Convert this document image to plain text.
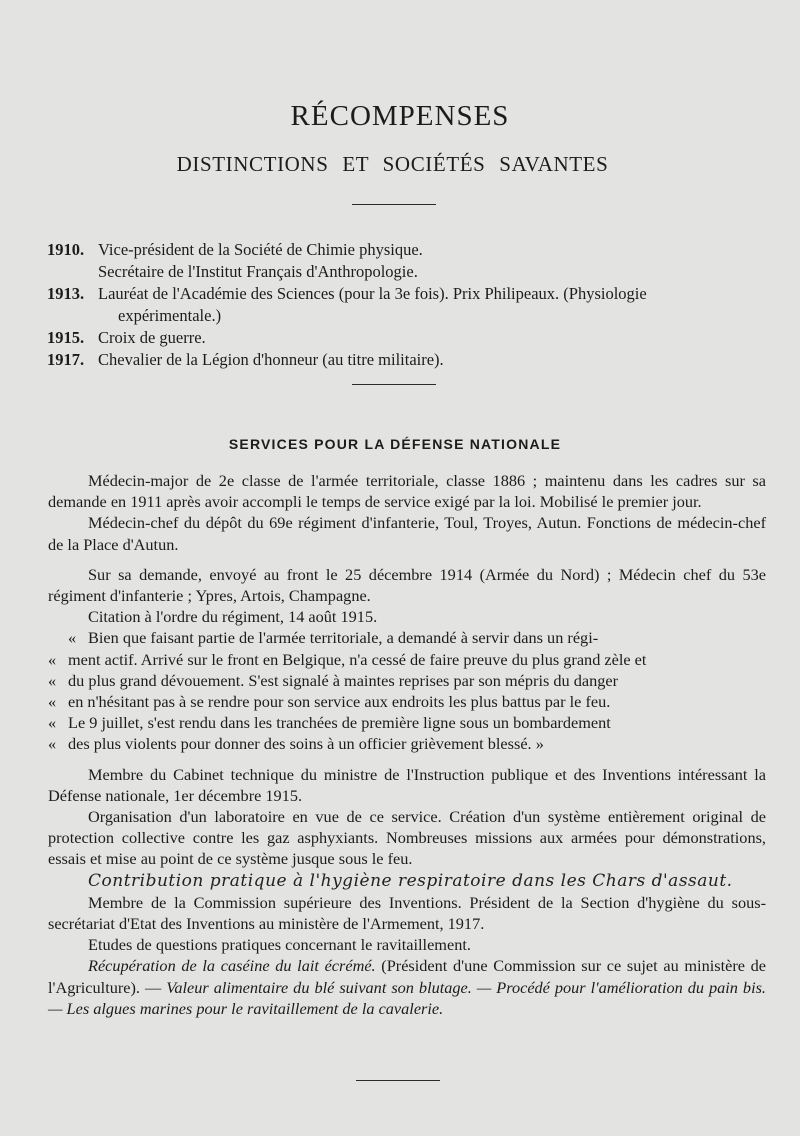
RÉCOMPENSES
DISTINCTIONS ET SOCIÉTÉS SAVANTES
1910. Vice-président de la Société de Chimie physique.
Secrétaire de l'Institut Français d'Anthropologie.
1913. Lauréat de l'Académie des Sciences (pour la 3e fois). Prix Philipeaux. (Physiologie
expérimentale.)
1915. Croix de guerre.
1917. Chevalier de la Légion d'honneur (au titre militaire).
SERVICES POUR LA DÉFENSE NATIONALE

Médecin-major de 2e classe de l'armée territoriale, classe 1886 ; maintenu dans les cadres sur sa demande en 1911 après avoir accompli le temps de service exigé par la loi. Mobilisé le premier jour.

Médecin-chef du dépôt du 69e régiment d'infanterie, Toul, Troyes, Autun. Fonctions de médecin-chef de la Place d'Autun.

Sur sa demande, envoyé au front le 25 décembre 1914 (Armée du Nord) ; Médecin chef du 53e régiment d'infanterie ; Ypres, Artois, Champagne.

Citation à l'ordre du régiment, 14 août 1915.

« Bien que faisant partie de l'armée territoriale, a demandé à servir dans un régi-
« ment actif. Arrivé sur le front en Belgique, n'a cessé de faire preuve du plus grand zèle et
« du plus grand dévouement. S'est signalé à maintes reprises par son mépris du danger
« en n'hésitant pas à se rendre pour son service aux endroits les plus battus par le feu.
« Le 9 juillet, s'est rendu dans les tranchées de première ligne sous un bombardement
« des plus violents pour donner des soins à un officier grièvement blessé. »

Membre du Cabinet technique du ministre de l'Instruction publique et des Inventions intéressant la Défense nationale, 1er décembre 1915.

Organisation d'un laboratoire en vue de ce service. Création d'un système entièrement original de protection collective contre les gaz asphyxiants. Nombreuses missions aux armées pour démonstrations, essais et mise au point de ce système jusque sous le feu.

Contribution pratique à l'hygiène respiratoire dans les Chars d'assaut.

Membre de la Commission supérieure des Inventions. Président de la Section d'hygiène du sous-secrétariat d'Etat des Inventions au ministère de l'Armement, 1917.

Etudes de questions pratiques concernant le ravitaillement.

Récupération de la caséine du lait écrémé. (Président d'une Commission sur ce sujet au ministère de l'Agriculture). — Valeur alimentaire du blé suivant son blutage. — Procédé pour l'amélioration du pain bis. — Les algues marines pour le ravitaillement de la cavalerie.
